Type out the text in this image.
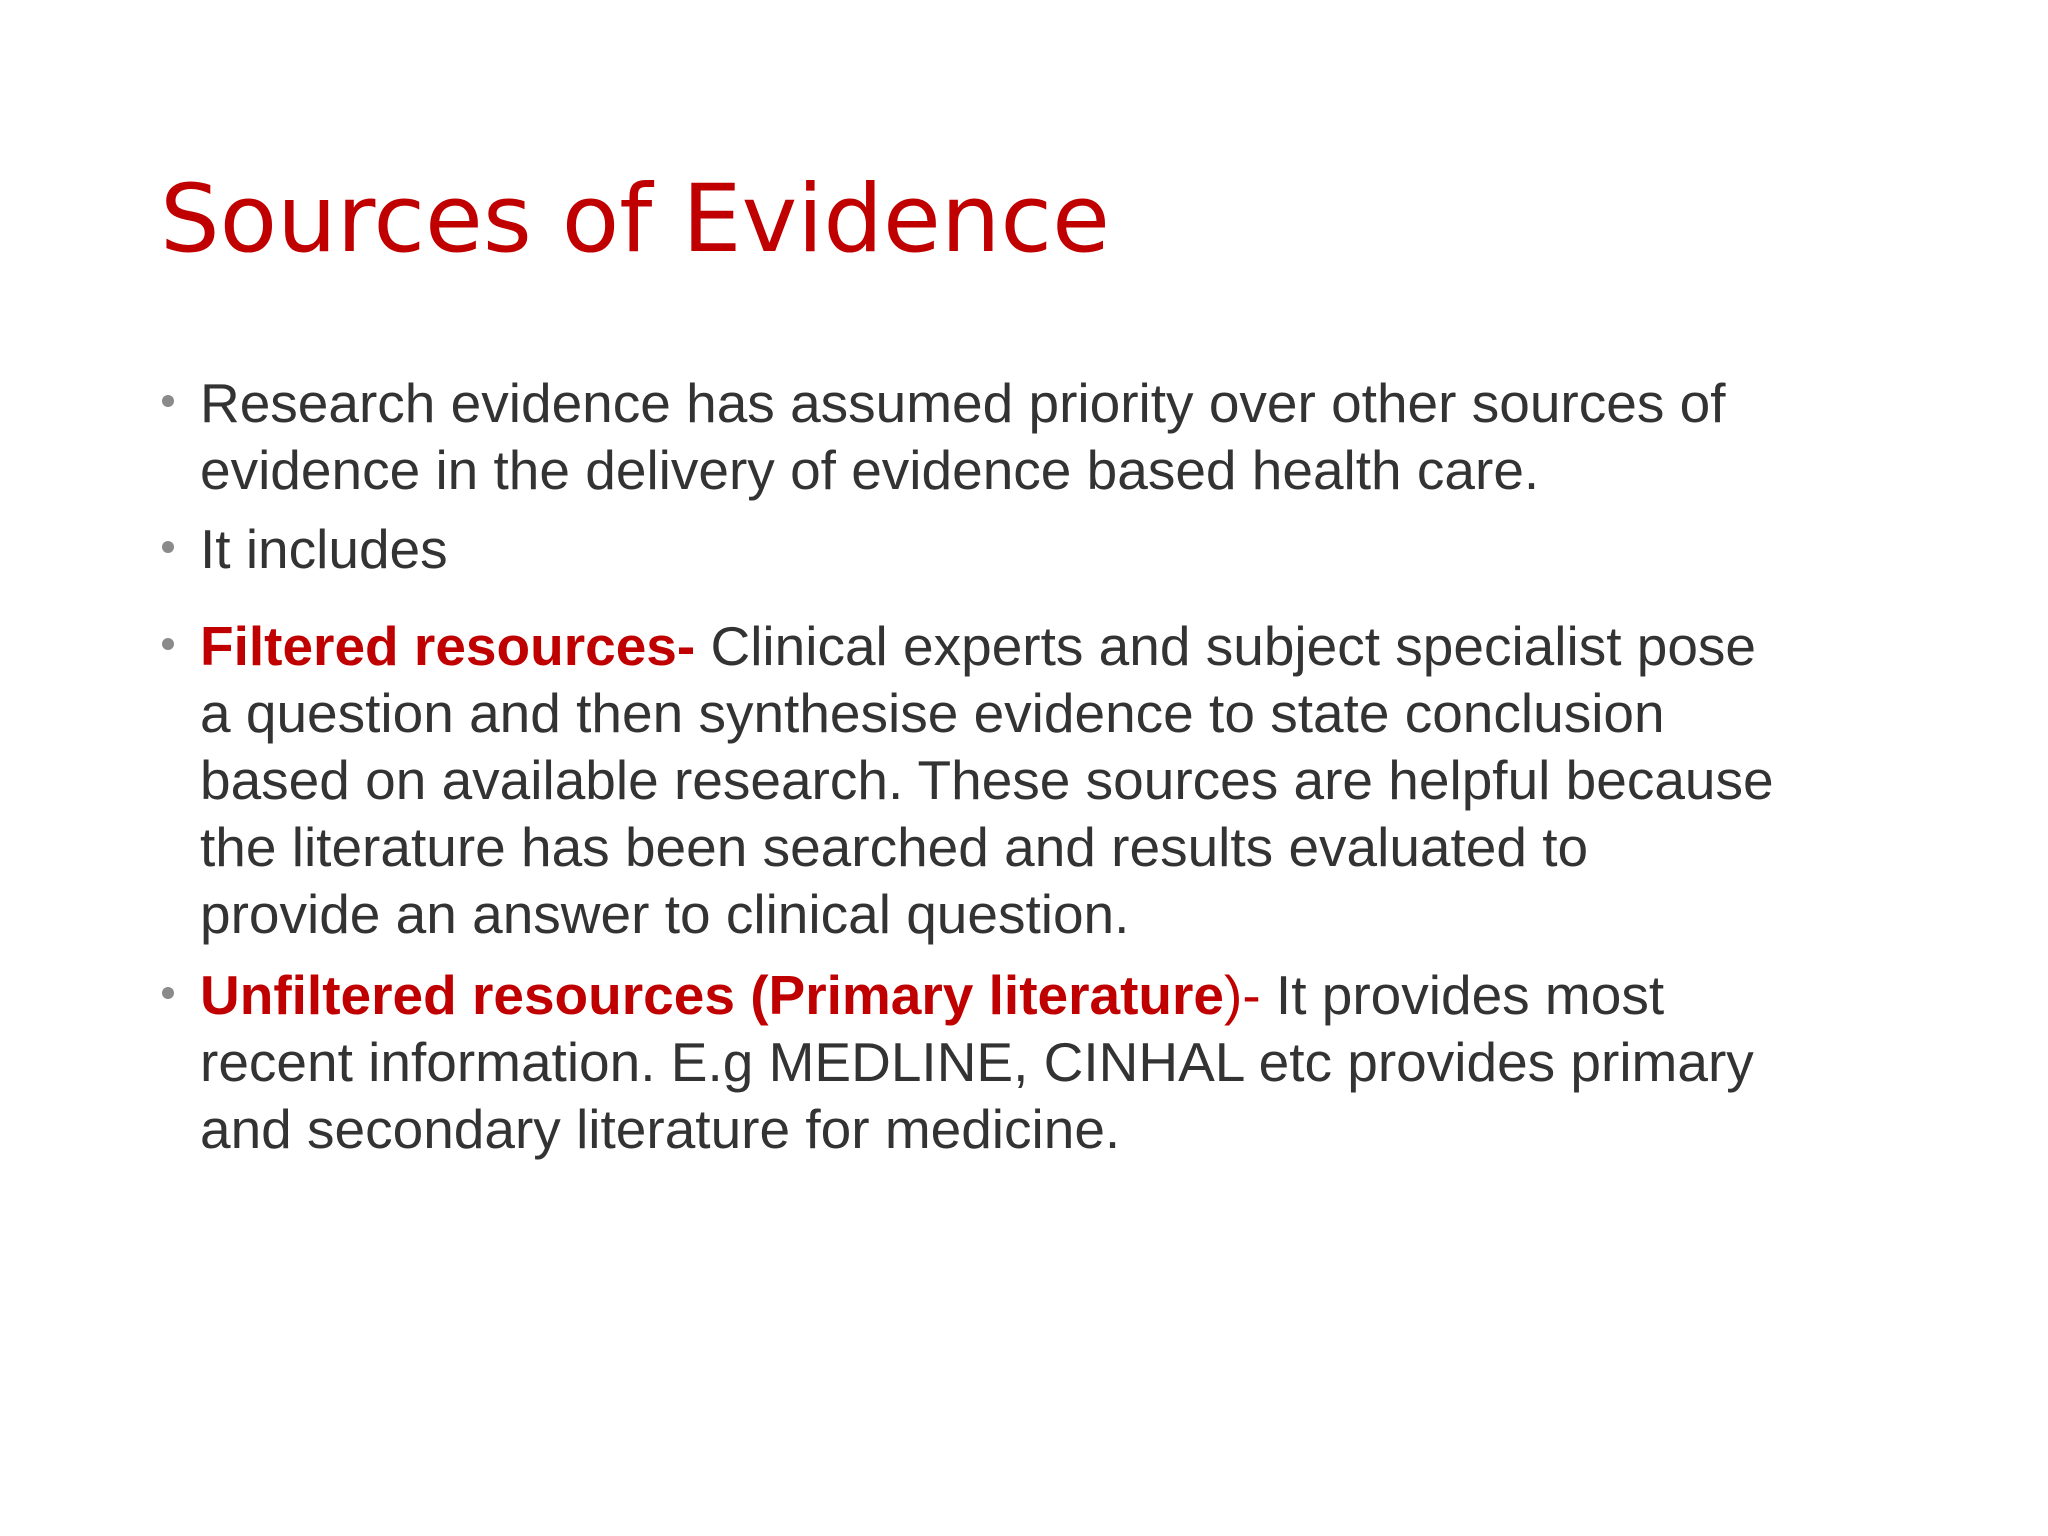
Sources of Evidence
Research evidence has assumed priority over other sources of evidence in the delivery of evidence based health care.
It includes
Filtered resources- Clinical experts and subject specialist pose a question and then synthesise evidence to state conclusion based on available research. These sources are helpful because the literature has been searched and results evaluated to provide an answer to clinical question.
Unfiltered resources (Primary literature)- It provides most recent information. E.g MEDLINE, CINHAL etc provides primary and secondary literature for medicine.
